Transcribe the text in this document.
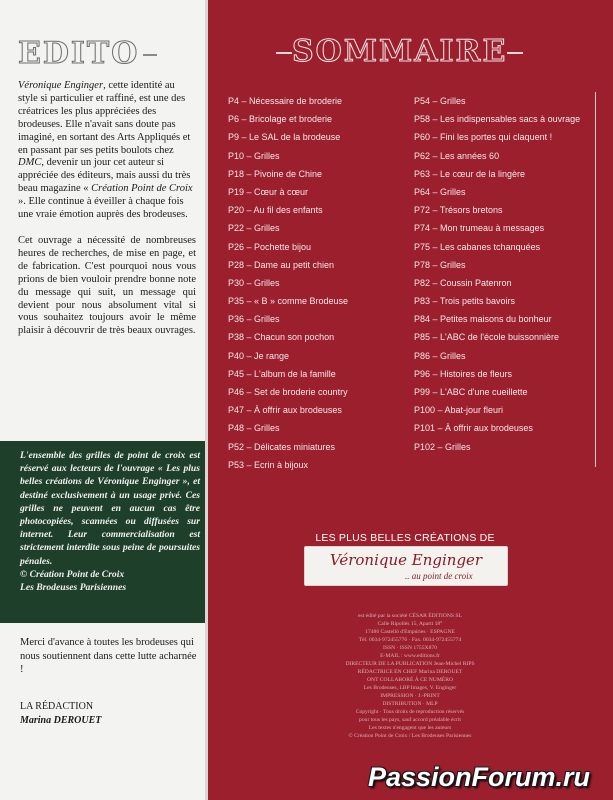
EDITO

Véronique Enginger, cette identité au style si particulier et raffiné, est une des créatrices les plus appréciées des brodeuses. Elle n'avait sans doute pas imaginé, en sortant des Arts Appliqués et en passant par ses petits boulots chez DMC, devenir un jour cet auteur si appréciée des éditeurs, mais aussi du très beau magazine « Création Point de Croix ». Elle continue à éveiller à chaque fois une vraie émotion auprès des brodeuses.

Cet ouvrage a nécessité de nombreuses heures de recherches, de mise en page, et de fabrication. C'est pourquoi nous vous prions de bien vouloir prendre bonne note du message qui suit, un message qui devient pour nous absolument vital si vous souhaitez toujours avoir le même plaisir à découvrir de très beaux ouvrages.

L'ensemble des grilles de point de croix est réservé aux lecteurs de l'ouvrage « Les plus belles créations de Véronique Enginger », et destiné exclusivement à un usage privé. Ces grilles ne peuvent en aucun cas être photocopiées, scannées ou diffusées sur internet. Leur commercialisation est strictement interdite sous peine de poursuites pénales.
© Création Point de Croix
Les Brodeuses Parisiennes
Merci d'avance à toutes les brodeuses qui nous soutiennent dans cette lutte acharnée !
LA RÉDACTION
Marina DEROUET
SOMMAIRE
P4 – Nécessaire de broderie
P6 – Bricolage et broderie
P9 – Le SAL de la brodeuse
P10 – Grilles
P18 – Pivoine de Chine
P19 – Cœur à cœur
P20 – Au fil des enfants
P22 – Grilles
P26 – Pochette bijou
P28 – Dame au petit chien
P30 – Grilles
P35 – « B » comme Brodeuse
P36 – Grilles
P38 – Chacun son pochon
P40 – Je range
P45 – L'album de la famille
P46 – Set de broderie country
P47 – À offrir aux brodeuses
P48 – Grilles
P52 – Délicates miniatures
P53 – Ecrin à bijoux
P54 – Grilles
P58 – Les indispensables sacs à ouvrage
P60 – Fini les portes qui claquent !
P62 – Les années 60
P63 – Le cœur de la lingère
P64 – Grilles
P72 – Trésors bretons
P74 – Mon trumeau à messages
P75 – Les cabanes tchanquées
P78 – Grilles
P82 – Coussin Patenron
P83 – Trois petits bavoirs
P84 – Petites maisons du bonheur
P85 – L'ABC de l'école buissonnière
P86 – Grilles
P96 – Histoires de fleurs
P99 – L'ABC d'une cueillette
P100 – Abat-jour fleuri
P101 – À offrir aux brodeuses
P102 – Grilles
LES PLUS BELLES CRÉATIONS DE
Véronique Enginger
.. au point de croix
est édité par la société CÉSAR ÉDITIONS SL
Calle Ripollés 15, Apartt 18°
17486 Castelló d'Empúries · ESPAGNE
Tél. 0034-972455776 · Fax. 0034-972455774
ISSN · ISSN 1755X870
E-MAIL : www.editions.fr
DIRECTEUR DE LA PUBLICATION Jean-Michel RIPS
RÉDACTRICE EN CHEF Marina DEROUET
ONT COLLABORÉ À CE NUMÉRO
Les Brodeuses, LBP Images, V. Enginger
IMPRESSION · J.-PRINT
DISTRIBUTION · MLP
Copyright · Tous droits de reproduction réservés
pour tous les pays, sauf accord préalable écrit
Les textes n'engagent que les auteurs
© Création Point de Croix / Les Brodeuses Parisiennes
PassionForum.ru
